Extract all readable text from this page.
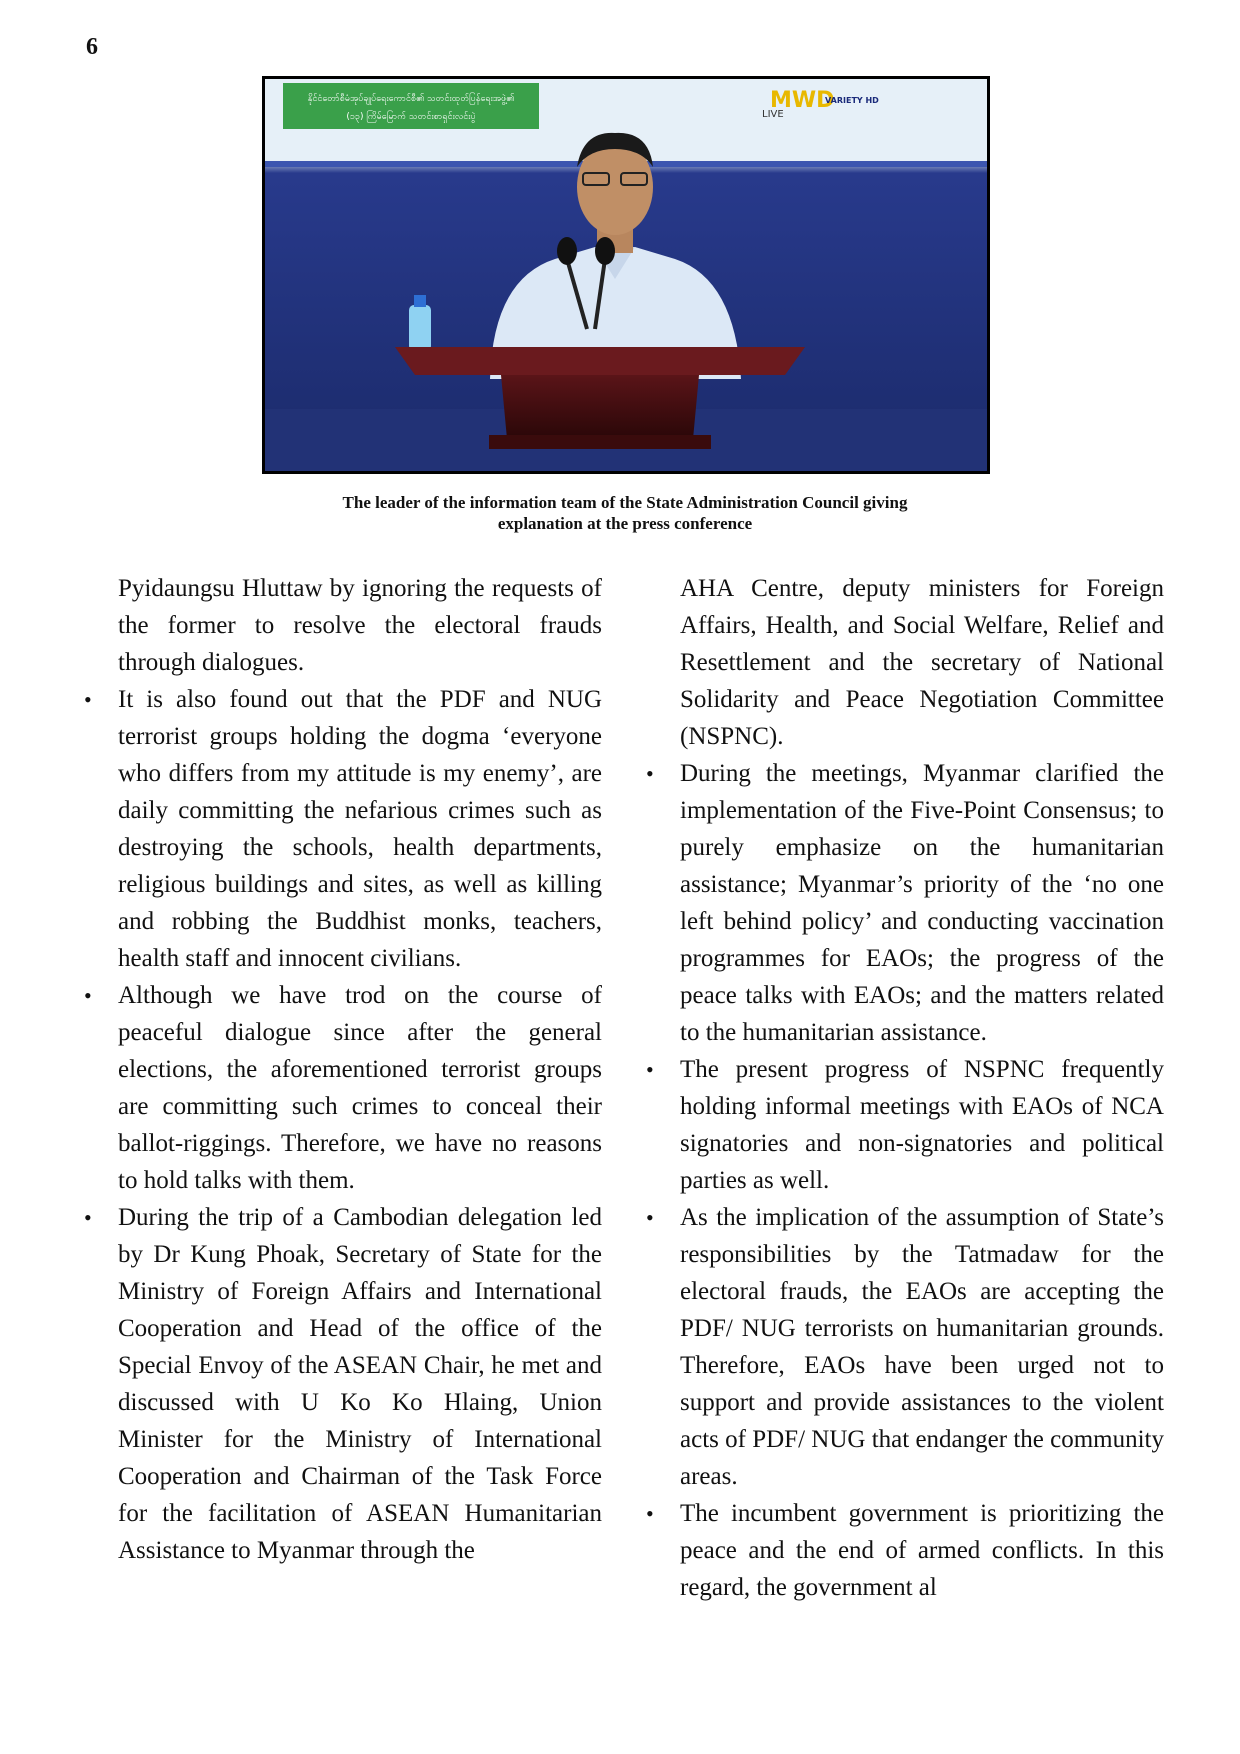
6
နိုင်ငံတော်စီမံအုပ်ချုပ်ရေးကောင်စီ၏ သတင်းထုတ်ပြန်ရေးအဖွဲ့၏
(၁၃) ကြိမ်မြောက် သတင်းစာရှင်းလင်းပွဲ
MWD
VARIETY HD
LIVE
The leader of the information team of the State Administration Council giving
explanation at the press conference

Pyidaungsu Hluttaw by ignoring the requests of the former to resolve the electoral frauds through dialogues.

• It is also found out that the PDF and NUG terrorist groups holding the dogma ‘everyone who differs from my attitude is my enemy’, are daily committing the nefarious crimes such as destroying the schools, health departments, religious buildings and sites, as well as killing and robbing the Buddhist monks, teachers, health staff and innocent civilians.
• Although we have trod on the course of peaceful dialogue since after the general elections, the aforementioned terrorist groups are committing such crimes to conceal their ballot-riggings. Therefore, we have no reasons to hold talks with them.
• During the trip of a Cambodian delegation led by Dr Kung Phoak, Secretary of State for the Ministry of Foreign Affairs and International Cooperation and Head of the office of the Special Envoy of the ASEAN Chair, he met and discussed with U Ko Ko Hlaing, Union Minister for the Ministry of International Cooperation and Chairman of the Task Force for the facilitation of ASEAN Humanitarian Assistance to Myanmar through the

AHA Centre, deputy ministers for Foreign Affairs, Health, and Social Welfare, Relief and Resettlement and the secretary of National Solidarity and Peace Negotiation Committee (NSPNC).

• During the meetings, Myanmar clarified the implementation of the Five-Point Consensus; to purely emphasize on the humanitarian assistance; Myanmar’s priority of the ‘no one left behind policy’ and conducting vaccination programmes for EAOs; the progress of the peace talks with EAOs; and the matters related to the humanitarian assistance.
• The present progress of NSPNC frequently holding informal meetings with EAOs of NCA signatories and non-signatories and political parties as well.
• As the implication of the assumption of State’s responsibilities by the Tatmadaw for the electoral frauds, the EAOs are accepting the PDF/ NUG terrorists on humanitarian grounds. Therefore, EAOs have been urged not to support and provide assistances to the violent acts of PDF/ NUG that endanger the community areas.
• The incumbent government is prioritizing the peace and the end of armed conflicts. In this regard, the government al
